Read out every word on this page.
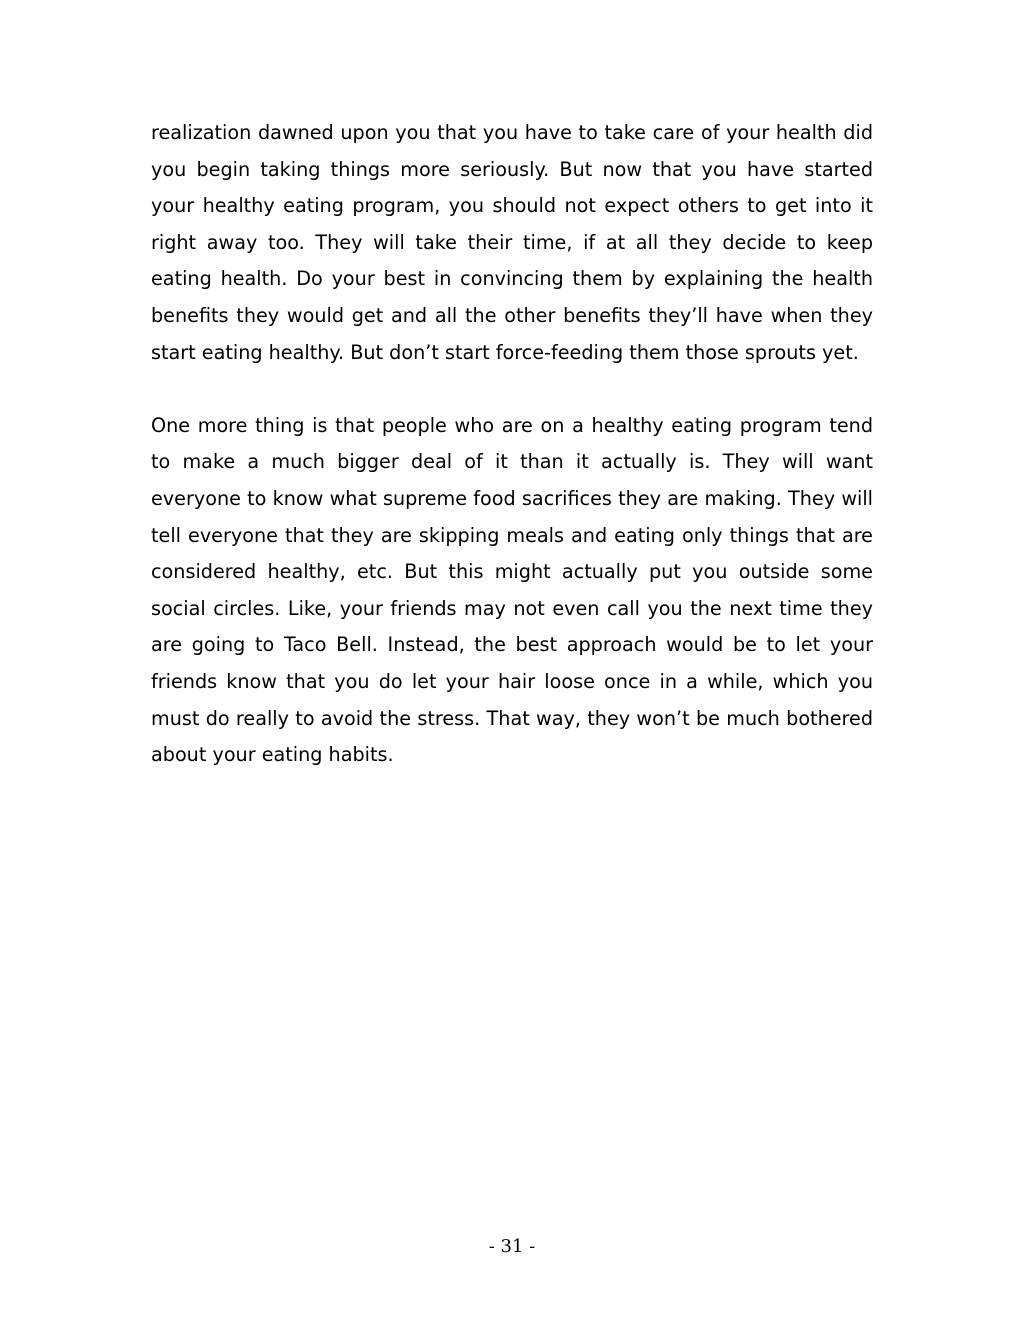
realization dawned upon you that you have to take care of your health did you begin taking things more seriously. But now that you have started your healthy eating program, you should not expect others to get into it right away too. They will take their time, if at all they decide to keep eating health. Do your best in convincing them by explaining the health benefits they would get and all the other benefits they’ll have when they start eating healthy. But don’t start force-feeding them those sprouts yet.

One more thing is that people who are on a healthy eating program tend to make a much bigger deal of it than it actually is. They will want everyone to know what supreme food sacrifices they are making. They will tell everyone that they are skipping meals and eating only things that are considered healthy, etc. But this might actually put you outside some social circles. Like, your friends may not even call you the next time they are going to Taco Bell. Instead, the best approach would be to let your friends know that you do let your hair loose once in a while, which you must do really to avoid the stress. That way, they won’t be much bothered about your eating habits.

- 31 -
